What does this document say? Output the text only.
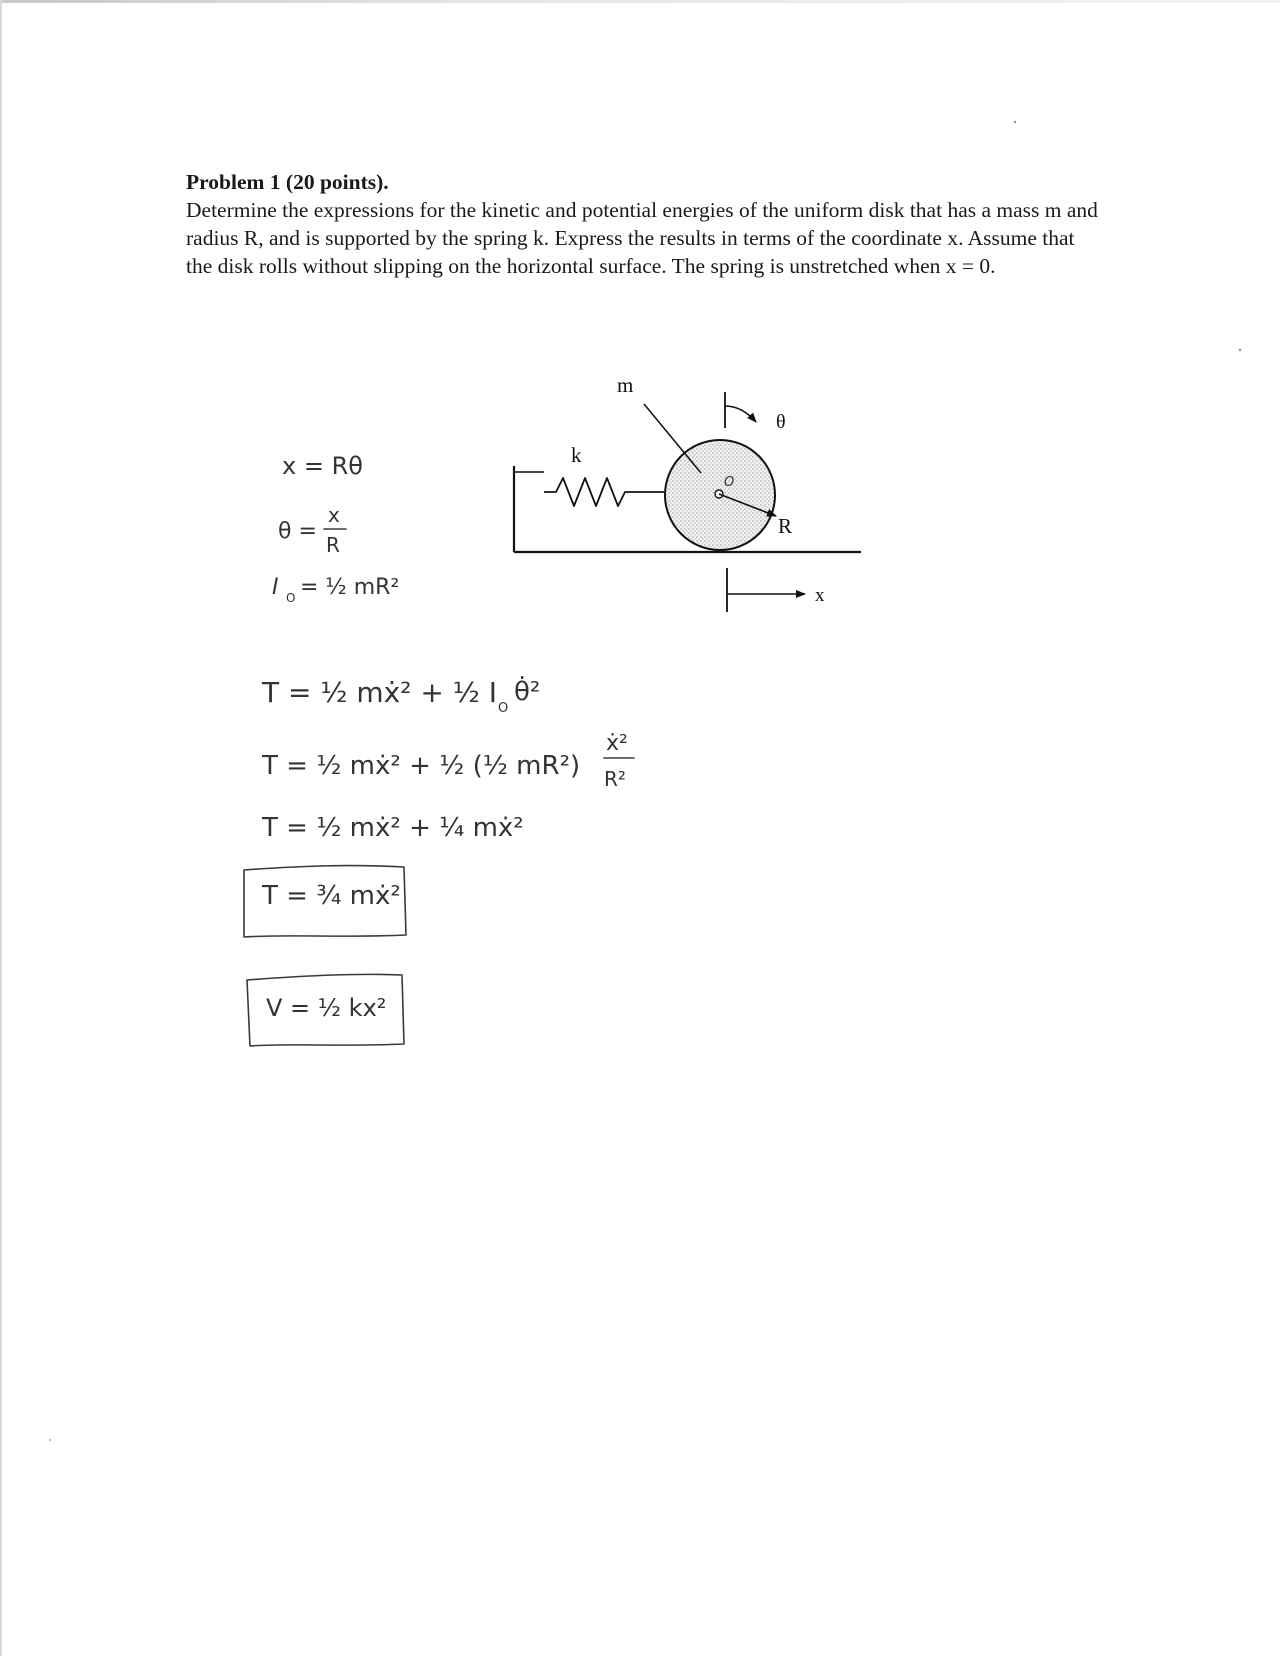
Problem 1 (20 points).
Determine the expressions for the kinetic and potential energies of the uniform disk that has a mass m and radius R, and is supported by the spring k. Express the results in terms of the coordinate x. Assume that the disk rolls without slipping on the horizontal surface. The spring is unstretched when x = 0.
k
R
m
θ
x
O
x = Rθ
θ =
x
R
I O = ½ mR²
T = ½ mẋ² + ½ I O
θ̇²
T = ½ mẋ² + ½ (½ mR²)
ẋ²
R²
T = ½ mẋ² + ¼ mẋ²
T = ¾ mẋ²
V = ½ kx²
